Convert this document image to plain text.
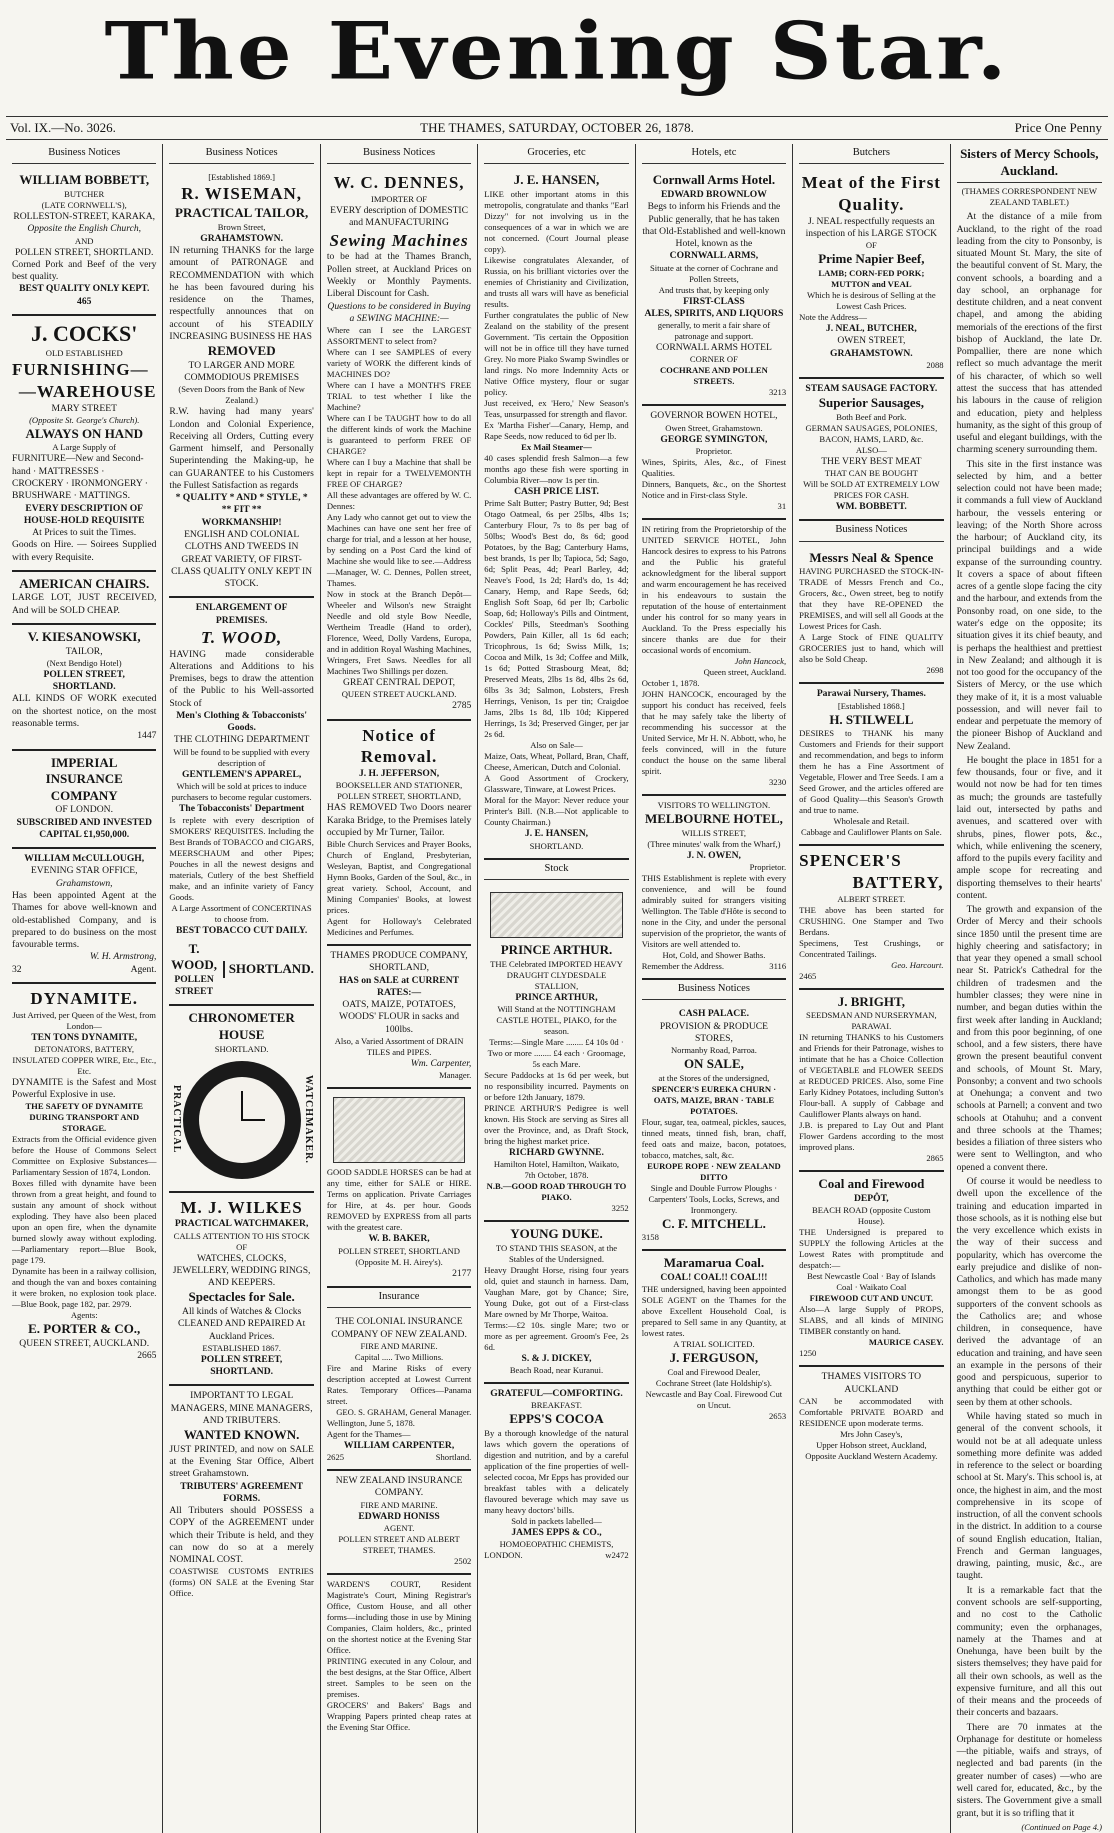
The Evening Star.
Vol. IX.—No. 3026.	THE THAMES, SATURDAY, OCTOBER 26, 1878.	Price One Penny
Business Notices
WILLIAM BOBBETT,
BUTCHER
(LATE CORNWELL'S),
ROLLESTON-STREET, KARAKA,
Opposite the English Church,
AND
POLLEN STREET, SHORTLAND.
Corned Pork and Beef of the very best quality.
BEST QUALITY ONLY KEPT. 465
J. COCKS'
OLD ESTABLISHED
FURNISHING—
—WAREHOUSE
MARY STREET
(Opposite St. George's Church).
ALWAYS ON HAND
A Large Supply of
FURNITURE—New and Second-hand · MATTRESSES · CROCKERY · IRONMONGERY · BRUSHWARE · MATTINGS.
EVERY DESCRIPTION OF HOUSE-HOLD REQUISITE
At Prices to suit the Times.
Goods on Hire. — Soirees Supplied with every Requisite.
AMERICAN CHAIRS.
LARGE LOT, JUST RECEIVED, And will be SOLD CHEAP.
V. KIESANOWSKI,
TAILOR,
(Next Bendigo Hotel)
POLLEN STREET, SHORTLAND.
ALL KINDS OF WORK executed on the shortest notice, on the most reasonable terms.
1447
IMPERIAL
INSURANCE COMPANY
OF LONDON.
SUBSCRIBED AND INVESTED
CAPITAL £1,950,000.
WILLIAM McCULLOUGH,
EVENING STAR OFFICE,
Grahamstown,
Has been appointed Agent at the Thames for above well-known and old-established Company, and is prepared to do business on the most favourable terms.
W. H. Armstrong,
32	Agent.
DYNAMITE.
Just Arrived, per Queen of the West, from London—
TEN TONS DYNAMITE,
DETONATORS, BATTERY, INSULATED COPPER WIRE, Etc., Etc., Etc.
DYNAMITE is the Safest and Most Powerful Explosive in use.
THE SAFETY OF DYNAMITE DURING TRANSPORT AND STORAGE.
Extracts from the Official evidence given before the House of Commons Select Committee on Explosive Substances—Parliamentary Session of 1874, London.
Boxes filled with dynamite have been thrown from a great height, and found to sustain any amount of shock without exploding. They have also been placed upon an open fire, when the dynamite burned slowly away without exploding.—Parliamentary report—Blue Book, page 179.
Dynamite has been in a railway collision, and though the van and boxes containing it were broken, no explosion took place.—Blue Book, page 182, par. 2979.
Agents:
E. PORTER & CO.,
QUEEN STREET, AUCKLAND.
2665
Business Notices
[Established 1869.]
R. WISEMAN,
PRACTICAL TAILOR,
Brown Street,
GRAHAMSTOWN.
IN returning THANKS for the large amount of PATRONAGE and RECOMMENDATION with which he has been favoured during his residence on the Thames, respectfully announces that on account of his STEADILY INCREASING BUSINESS HE HAS
REMOVED
TO LARGER AND MORE COMMODIOUS PREMISES
(Seven Doors from the Bank of New Zealand.)
R.W. having had many years' London and Colonial Experience, Receiving all Orders, Cutting every Garment himself, and Personally Superintending the Making-up, he can GUARANTEE to his Customers the Fullest Satisfaction as regards
* QUALITY * AND * STYLE, *
** FIT **
WORKMANSHIP!
ENGLISH AND COLONIAL CLOTHS AND TWEEDS IN GREAT VARIETY, OF FIRST-CLASS QUALITY ONLY KEPT IN STOCK.
ENLARGEMENT OF PREMISES.
T. WOOD,
HAVING made considerable Alterations and Additions to his Premises, begs to draw the attention of the Public to his Well-assorted Stock of
Men's Clothing & Tobacconists' Goods.
THE CLOTHING DEPARTMENT
Will be found to be supplied with every description of
GENTLEMEN'S APPAREL,
Which will be sold at prices to induce purchasers to become regular customers.
The Tobacconists' Department
Is replete with every description of SMOKERS' REQUISITES. Including the Best Brands of TOBACCO and CIGARS, MEERSCHAUM and other Pipes; Pouches in all the newest designs and materials, Cutlery of the best Sheffield make, and an infinite variety of Fancy Goods.
A Large Assortment of CONCERTINAS to choose from.
BEST TOBACCO CUT DAILY.
T. WOOD,
POLLEN STREET
SHORTLAND.
CHRONOMETER HOUSE
SHORTLAND.
PRACTICAL	WATCHMAKER.
M. J. WILKES
PRACTICAL WATCHMAKER,
CALLS ATTENTION TO HIS STOCK OF
WATCHES, CLOCKS, JEWELLERY, WEDDING RINGS, AND KEEPERS.
Spectacles for Sale.
All kinds of Watches & Clocks CLEANED AND REPAIRED At Auckland Prices.
ESTABLISHED 1867.
POLLEN STREET, SHORTLAND.
IMPORTANT TO LEGAL MANAGERS, MINE MANAGERS, AND TRIBUTERS.
WANTED KNOWN.
JUST PRINTED, and now on SALE at the Evening Star Office, Albert street Grahamstown.
TRIBUTERS' AGREEMENT FORMS.
All Tributers should POSSESS a COPY of the AGREEMENT under which their Tribute is held, and they can now do so at a merely NOMINAL COST.
COASTWISE CUSTOMS ENTRIES (forms) ON SALE at the Evening Star Office.
Business Notices
W. C. DENNES,
IMPORTER OF
EVERY description of DOMESTIC and MANUFACTURING
Sewing Machines
to be had at the Thames Branch, Pollen street, at Auckland Prices on Weekly or Monthly Payments. Liberal Discount for Cash.
Questions to be considered in Buying a SEWING MACHINE:—
Where can I see the LARGEST ASSORTMENT to select from?
Where can I see SAMPLES of every variety of WORK the different kinds of MACHINES DO?
Where can I have a MONTH'S FREE TRIAL to test whether I like the Machine?
Where can I be TAUGHT how to do all the different kinds of work the Machine is guaranteed to perform FREE OF CHARGE?
Where can I buy a Machine that shall be kept in repair for a TWELVEMONTH FREE OF CHARGE?
All these advantages are offered by W. C. Dennes:
Any Lady who cannot get out to view the Machines can have one sent her free of charge for trial, and a lesson at her house, by sending on a Post Card the kind of Machine she would like to see.—Address—Manager, W. C. Dennes, Pollen street, Thames.
Now in stock at the Branch Depôt—Wheeler and Wilson's new Straight Needle and old style Bow Needle, Wertheim Treadle (Hand to order), Florence, Weed, Dolly Vardens, Europa, and in addition Royal Washing Machines, Wringers, Fret Saws. Needles for all Machines Two Shillings per dozen.
GREAT CENTRAL DEPOT,
QUEEN STREET AUCKLAND.
2785
Notice of Removal.
J. H. JEFFERSON,
BOOKSELLER AND STATIONER,
POLLEN STREET, SHORTLAND,
HAS REMOVED Two Doors nearer Karaka Bridge, to the Premises lately occupied by Mr Turner, Tailor.
Bible Church Services and Prayer Books, Church of England, Presbyterian, Wesleyan, Baptist, and Congregational Hymn Books, Garden of the Soul, &c., in great variety. School, Account, and Mining Companies' Books, at lowest prices.
Agent for Holloway's Celebrated Medicines and Perfumes.
THAMES PRODUCE COMPANY, SHORTLAND,
HAS on SALE at CURRENT RATES:—
OATS, MAIZE, POTATOES, WOODS' FLOUR in sacks and 100lbs.
Also, a Varied Assortment of DRAIN TILES and PIPES.
Wm. Carpenter,
Manager.
GOOD SADDLE HORSES can be had at any time, either for SALE or HIRE. Terms on application. Private Carriages for Hire, at 4s. per hour. Goods REMOVED by EXPRESS from all parts with the greatest care.
W. B. BAKER,
POLLEN STREET, SHORTLAND
(Opposite M. H. Airey's).
2177
Insurance
THE COLONIAL INSURANCE COMPANY OF NEW ZEALAND.
FIRE AND MARINE.
Capital ..... Two Millions.
Fire and Marine Risks of every description accepted at Lowest Current Rates. Temporary Offices—Panama street.
GEO. S. GRAHAM, General Manager.
Wellington, June 5, 1878.
Agent for the Thames—
WILLIAM CARPENTER,
2625	Shortland.
NEW ZEALAND INSURANCE COMPANY.
FIRE AND MARINE.
EDWARD HONISS
AGENT.
POLLEN STREET AND ALBERT STREET, THAMES.
2502
WARDEN'S COURT, Resident Magistrate's Court, Mining Registrar's Office, Custom House, and all other forms—including those in use by Mining Companies, Claim holders, &c., printed on the shortest notice at the Evening Star Office.
PRINTING executed in any Colour, and the best designs, at the Star Office, Albert street. Samples to be seen on the premises.
GROCERS' and Bakers' Bags and Wrapping Papers printed cheap rates at the Evening Star Office.
Groceries, etc
J. E. HANSEN,
LIKE other important atoms in this metropolis, congratulate and thanks "Earl Dizzy" for not involving us in the consequences of a war in which we are not concerned. (Court Journal please copy).
Likewise congratulates Alexander, of Russia, on his brilliant victories over the enemies of Christianity and Civilization, and trusts all wars will have as beneficial results.
Further congratulates the public of New Zealand on the stability of the present Government. 'Tis certain the Opposition will not be in office till they have turned Grey. No more Piako Swamp Swindles or land rings. No more Indemnity Acts or Native Office mystery, flour or sugar policy.
Just received, ex 'Hero,' New Season's Teas, unsurpassed for strength and flavor.
Ex 'Martha Fisher'—Canary, Hemp, and Rape Seeds, now reduced to 6d per lb.
Ex Mail Steamer—
40 cases splendid fresh Salmon—a few months ago these fish were sporting in Columbia River—now 1s per tin.
CASH PRICE LIST.
Prime Salt Butter; Pastry Butter, 9d; Best Otago Oatmeal, 6s per 25lbs, 4lbs 1s; Canterbury Flour, 7s to 8s per bag of 50lbs; Wood's Best do, 8s 6d; good Potatoes, by the Bag; Canterbury Hams, best brands, 1s per lb; Tapioca, 5d; Sago, 6d; Split Peas, 4d; Pearl Barley, 4d; Neave's Food, 1s 2d; Hard's do, 1s 4d; Canary, Hemp, and Rape Seeds, 6d; English Soft Soap, 6d per lb; Carbolic Soap, 6d; Holloway's Pills and Ointment, Cockles' Pills, Steedman's Soothing Powders, Pain Killer, all 1s 6d each; Tricophrous, 1s 6d; Swiss Milk, 1s; Cocoa and Milk, 1s 3d; Coffee and Milk, 1s 6d; Potted Strasbourg Meat, 8d; Preserved Meats, 2lbs 1s 8d, 4lbs 2s 6d, 6lbs 3s 3d; Salmon, Lobsters, Fresh Herrings, Venison, 1s per tin; Craigdoe Jams, 2lbs 1s 8d, 1lb 10d; Kippered Herrings, 1s 3d; Preserved Ginger, per jar 2s 6d.
Also on Sale—
Maize, Oats, Wheat, Pollard, Bran, Chaff, Cheese, American, Dutch and Colonial.
A Good Assortment of Crockery, Glassware, Tinware, at Lowest Prices.
Moral for the Mayor: Never reduce your Printer's Bill. (N.B.—Not applicable to County Chairman.)
J. E. HANSEN,
SHORTLAND.
Stock
PRINCE ARTHUR.
THE Celebrated IMPORTED HEAVY DRAUGHT CLYDESDALE STALLION,
PRINCE ARTHUR,
Will Stand at the NOTTINGHAM CASTLE HOTEL, PIAKO, for the season.
Terms:—Single Mare ........ £4 10s 0d · Two or more ........ £4 each · Groomage, 5s each Mare.
Secure Paddocks at 1s 6d per week, but no responsibility incurred. Payments on or before 12th January, 1879.
PRINCE ARTHUR'S Pedigree is well known. His Stock are serving as Sires all over the Province, and, as Draft Stock, bring the highest market price.
RICHARD GWYNNE.
Hamilton Hotel, Hamilton, Waikato,
7th October, 1878.
N.B.—GOOD ROAD THROUGH TO PIAKO.
3252
YOUNG DUKE.
TO STAND THIS SEASON, at the Stables of the Undersigned.
Heavy Draught Horse, rising four years old, quiet and staunch in harness. Dam, Vaughan Mare, got by Chance; Sire, Young Duke, got out of a First-class Mare owned by Mr Thorpe, Waitoa.
Terms:—£2 10s. single Mare; two or more as per agreement. Groom's Fee, 2s 6d.
S. & J. DICKEY,
Beach Road, near Kuranui.
GRATEFUL—COMFORTING.
BREAKFAST.
EPPS'S COCOA
By a thorough knowledge of the natural laws which govern the operations of digestion and nutrition, and by a careful application of the fine properties of well-selected cocoa, Mr Epps has provided our breakfast tables with a delicately flavoured beverage which may save us many heavy doctors' bills.
Sold in packets labelled—
JAMES EPPS & CO.,
HOMOEOPATHIC CHEMISTS,
LONDON.	w2472
Hotels, etc
Cornwall Arms Hotel.
EDWARD BROWNLOW
Begs to inform his Friends and the Public generally, that he has taken that Old-Established and well-known Hotel, known as the
CORNWALL ARMS,
Situate at the corner of Cochrane and Pollen Streets,
And trusts that, by keeping only
FIRST-CLASS
ALES, SPIRITS, AND LIQUORS
generally, to merit a fair share of patronage and support.
CORNWALL ARMS HOTEL
CORNER OF
COCHRANE AND POLLEN STREETS.
3213
GOVERNOR BOWEN HOTEL,
Owen Street, Grahamstown.
GEORGE SYMINGTON,
Proprietor.
Wines, Spirits, Ales, &c., of Finest Qualities.
Dinners, Banquets, &c., on the Shortest Notice and in First-class Style.
31
IN retiring from the Proprietorship of the UNITED SERVICE HOTEL, John Hancock desires to express to his Patrons and the Public his grateful acknowledgment for the liberal support and warm encouragement he has received in his endeavours to sustain the reputation of the house of entertainment under his control for so many years in Auckland. To the Press especially his sincere thanks are due for their occasional words of encomium.
John Hancock,
Queen street, Auckland.
October 1, 1878.
JOHN HANCOCK, encouraged by the support his conduct has received, feels that he may safely take the liberty of recommending his successor at the United Service, Mr H. N. Abbott, who, he feels convinced, will in the future conduct the house on the same liberal spirit.
3230
VISITORS TO WELLINGTON.
MELBOURNE HOTEL,
WILLIS STREET,
(Three minutes' walk from the Wharf,)
J. N. OWEN,
Proprietor.
THIS Establishment is replete with every convenience, and will be found admirably suited for strangers visiting Wellington. The Table d'Hôte is second to none in the City, and under the personal supervision of the proprietor, the wants of Visitors are well attended to.
Hot, Cold, and Shower Baths.
Remember the Address.	3116
Business Notices
CASH PALACE.
PROVISION & PRODUCE STORES,
Normanby Road, Parroa.
ON SALE,
at the Stores of the undersigned,
SPENCER'S EUREKA CHURN · OATS, MAIZE, BRAN · TABLE POTATOES.
Flour, sugar, tea, oatmeal, pickles, sauces, tinned meats, tinned fish, bran, chaff, feed oats and maize, bacon, potatoes, tobacco, matches, salt, &c.
EUROPE ROPE · NEW ZEALAND DITTO
Single and Double Furrow Ploughs · Carpenters' Tools, Locks, Screws, and Ironmongery.
C. F. MITCHELL.
3158
Maramarua Coal.
COAL! COAL!! COAL!!!
THE undersigned, having been appointed SOLE AGENT on the Thames for the above Excellent Household Coal, is prepared to Sell same in any Quantity, at lowest rates.
A TRIAL SOLICITED.
J. FERGUSON,
Coal and Firewood Dealer,
Cochrane Street (late Holdship's).
Newcastle and Bay Coal. Firewood Cut on Uncut.
2653
Butchers
Meat of the First Quality.
J. NEAL respectfully requests an inspection of his LARGE STOCK
OF
Prime Napier Beef,
LAMB; CORN-FED PORK; MUTTON and VEAL
Which he is desirous of Selling at the Lowest Cash Prices.
Note the Address—
J. NEAL, BUTCHER,
OWEN STREET,
GRAHAMSTOWN.
2088
STEAM SAUSAGE FACTORY.
Superior Sausages,
Both Beef and Pork.
GERMAN SAUSAGES, POLONIES, BACON, HAMS, LARD, &c.
ALSO—
THE VERY BEST MEAT
THAT CAN BE BOUGHT
Will be SOLD AT EXTREMELY LOW PRICES FOR CASH.
WM. BOBBETT.
Business Notices
Messrs Neal & Spence
HAVING PURCHASED the STOCK-IN-TRADE of Messrs French and Co., Grocers, &c., Owen street, beg to notify that they have RE-OPENED the PREMISES, and will sell all Goods at the Lowest Prices for Cash.
A Large Stock of FINE QUALITY GROCERIES just to hand, which will also be Sold Cheap.
2698
Parawai Nursery, Thames.
[Established 1868.]
H. STILWELL
DESIRES to THANK his many Customers and Friends for their support and recommendation, and begs to inform them he has a Fine Assortment of Vegetable, Flower and Tree Seeds. I am a Seed Grower, and the articles offered are of Good Quality—this Season's Growth and true to name.
Wholesale and Retail.
Cabbage and Cauliflower Plants on Sale.
SPENCER'S
BATTERY,
ALBERT STREET.
THE above has been started for CRUSHING. One Stamper and Two Berdans.
Specimens, Test Crushings, or Concentrated Tailings.
Geo. Harcourt.
2465
J. BRIGHT,
SEEDSMAN AND NURSERYMAN,
PARAWAI.
IN returning THANKS to his Customers and Friends for their Patronage, wishes to intimate that he has a Choice Collection of VEGETABLE and FLOWER SEEDS at REDUCED PRICES. Also, some Fine Early Kidney Potatoes, including Sutton's Flour-ball. A supply of Cabbage and Cauliflower Plants always on hand.
J.B. is prepared to Lay Out and Plant Flower Gardens according to the most improved plans.
2865
Coal and Firewood
DEPÔT,
BEACH ROAD (opposite Custom House).
THE Undersigned is prepared to SUPPLY the following Articles at the Lowest Rates with promptitude and despatch:—
Best Newcastle Coal · Bay of Islands Coal · Waikato Coal
FIREWOOD CUT AND UNCUT.
Also—A large Supply of PROPS, SLABS, and all kinds of MINING TIMBER constantly on hand.
MAURICE CASEY.
1250
THAMES VISITORS TO AUCKLAND
CAN be accommodated with Comfortable PRIVATE BOARD and RESIDENCE upon moderate terms.
Mrs John Casey's,
Upper Hobson street, Auckland,
Opposite Auckland Western Academy.
Sisters of Mercy Schools, Auckland.
(THAMES CORRESPONDENT NEW ZEALAND TABLET.)

At the distance of a mile from Auckland, to the right of the road leading from the city to Ponsonby, is situated Mount St. Mary, the site of the beautiful convent of St. Mary, the convent schools, a boarding and a day school, an orphanage for destitute children, and a neat convent chapel, and among the abiding memorials of the erections of the first bishop of Auckland, the late Dr. Pompallier, there are none which reflect so much advantage the merit of his character, of which so well attest the success that has attended his labours in the cause of religion and education, piety and helpless humanity, as the sight of this group of useful and elegant buildings, with the charming scenery surrounding them.

This site in the first instance was selected by him, and a better selection could not have been made; it commands a full view of Auckland harbour, the vessels entering or leaving; of the North Shore across the harbour; of Auckland city, its principal buildings and a wide expanse of the surrounding country. It covers a space of about fifteen acres of a gentle slope facing the city and the harbour, and extends from the Ponsonby road, on one side, to the water's edge on the opposite; its situation gives it its chief beauty, and is perhaps the healthiest and prettiest in New Zealand; and although it is not too good for the occupancy of the Sisters of Mercy, or the use which they make of it, it is a most valuable possession, and will never fail to endear and perpetuate the memory of the pioneer Bishop of Auckland and New Zealand.

He bought the place in 1851 for a few thousands, four or five, and it would not now be had for ten times as much; the grounds are tastefully laid out, intersected by paths and avenues, and scattered over with shrubs, pines, flower pots, &c., which, while enlivening the scenery, afford to the pupils every facility and ample scope for recreating and disporting themselves to their hearts' content.

The growth and expansion of the Order of Mercy and their schools since 1850 until the present time are highly cheering and satisfactory; in that year they opened a small school near St. Patrick's Cathedral for the children of tradesmen and the humbler classes; they were nine in number, and began duties within the first week after landing in Auckland; and from this poor beginning, of one school, and a few sisters, there have grown the present beautiful convent and schools, of Mount St. Mary, Ponsonby; a convent and two schools at Onehunga; a convent and two schools at Parnell; a convent and two schools at Otahuhu; and a convent and three schools at the Thames; besides a filiation of three sisters who were sent to Wellington, and who opened a convent there.

Of course it would be needless to dwell upon the excellence of the training and education imparted in those schools, as it is nothing else but the very excellence which exists in the way of their success and popularity, which has overcome the early prejudice and dislike of non-Catholics, and which has made many amongst them to be as good supporters of the convent schools as the Catholics are; and whose children, in consequence, have derived the advantage of an education and training, and have seen an example in the persons of their good and perspicuous, superior to anything that could be either got or seen by them at other schools.

While having stated so much in general of the convent schools, it would not be at all adequate unless something more definite was added in reference to the select or boarding school at St. Mary's. This school is, at once, the highest in aim, and the most comprehensive in its scope of instruction, of all the convent schools in the district. In addition to a course of sound English education, Italian, French and German languages, drawing, painting, music, &c., are taught.

It is a remarkable fact that the convent schools are self-supporting, and no cost to the Catholic community; even the orphanages, namely at the Thames and at Onehunga, have been built by the sisters themselves; they have paid for all their own schools, as well as the expensive furniture, and all this out of their means and the proceeds of their concerts and bazaars.

There are 70 inmates at the Orphanage for destitute or homeless—the pitiable, waifs and strays, of neglected and bad parents (in the greater number of cases) —who are well cared for, educated, &c., by the sisters. The Government give a small grant, but it is so trifling that it

(Continued on Page 4.)
